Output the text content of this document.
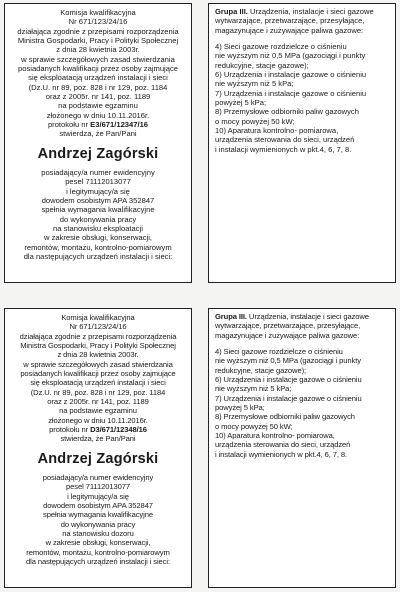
Komisja kwalifikacyjna

Nr 671/123/24/16

działająca zgodnie z przepisami rozporządzenia

Ministra Gospodarki, Pracy i Polityki Społecznej

z dnia 28 kwietnia 2003r.

w sprawie szczegółowych zasad stwierdzania

posiadanych kwalifikacji przez osoby zajmujące

się eksploatacją urządzeń instalacji i sieci

(Dz.U. nr 89, poz. 828 i nr 129, poz. 1184

oraz z 2005r. nr 141, poz. 1189

na podstawie egzaminu

złożonego w dniu 10.11.2016r.

protokołu nr E3/671/12347/16

stwierdza, że Pan/Pani

Andrzej Zagórski

posiadający/a numer ewidencyjny

pesel 71112013077

i legitymujący/a się

dowodem osobistym APA 352847

spełnia wymagania kwalifikacyjne

do wykonywania pracy

na stanowisku eksploatacji

w zakresie obsługi, konserwacji,

remontów, montażu, kontrolno-pomiarowym

dla następujących urządzeń instalacji i sieci:

Grupa III. Urządzenia, instalacje i sieci gazowe

wytwarzające, przetwarzające, przesyłające,

magazynujące i zużywające paliwa gazowe:

4) Sieci gazowe rozdzielcze o ciśnieniu

nie wyższym niż 0,5 MPa (gazociągi i punkty

redukcyjne, stacje gazowe);

6) Urządzenia i instalacje gazowe o ciśnieniu

nie wyższym niż 5 kPa;

7) Urządzenia i instalacje gazowe o ciśnieniu

powyżej 5 kPa;

8) Przemysłowe odbiorniki paliw gazowych

o mocy powyżej 50 kW;

10) Aparatura kontrolno- pomiarowa,

urządzenia sterowania do sieci, urządzeń

i instalacji wymienionych w pkt.4, 6, 7, 8.

Komisja kwalifikacyjna

Nr 671/123/24/16

działająca zgodnie z przepisami rozporządzenia

Ministra Gospodarki, Pracy i Polityki Społecznej

z dnia 28 kwietnia 2003r.

w sprawie szczegółowych zasad stwierdzania

posiadanych kwalifikacji przez osoby zajmujące

się eksploatacją urządzeń instalacji i sieci

(Dz.U. nr 89, poz. 828 i nr 129, poz. 1184

oraz z 2005r. nr 141, poz. 1189

na podstawie egzaminu

złożonego w dniu 10.11.2016r.

protokołu nr D3/671/12348/16

stwierdza, że Pan/Pani

Andrzej Zagórski

posiadający/a numer ewidencyjny

pesel 71112013077

i legitymujący/a się

dowodem osobistym APA 352847

spełnia wymagania kwalifikacyjne

do wykonywania pracy

na stanowisku dozoru

w zakresie obsługi, konserwacji,

remontów, montażu, kontrolno-pomiarowym

dla następujących urządzeń instalacji i sieci:

Grupa III. Urządzenia, instalacje i sieci gazowe

wytwarzające, przetwarzające, przesyłające,

magazynujące i zużywające paliwa gazowe:

4) Sieci gazowe rozdzielcze o ciśnieniu

nie wyższym niż 0,5 MPa (gazociągi i punkty

redukcyjne, stacje gazowe);

6) Urządzenia i instalacje gazowe o ciśnieniu

nie wyższym niż 5 kPa;

7) Urządzenia i instalacje gazowe o ciśnieniu

powyżej 5 kPa;

8) Przemysłowe odbiorniki paliw gazowych

o mocy powyżej 50 kW;

10) Aparatura kontrolno- pomiarowa,

urządzenia sterowania do sieci, urządzeń

i instalacji wymienionych w pkt.4, 6, 7, 8.
